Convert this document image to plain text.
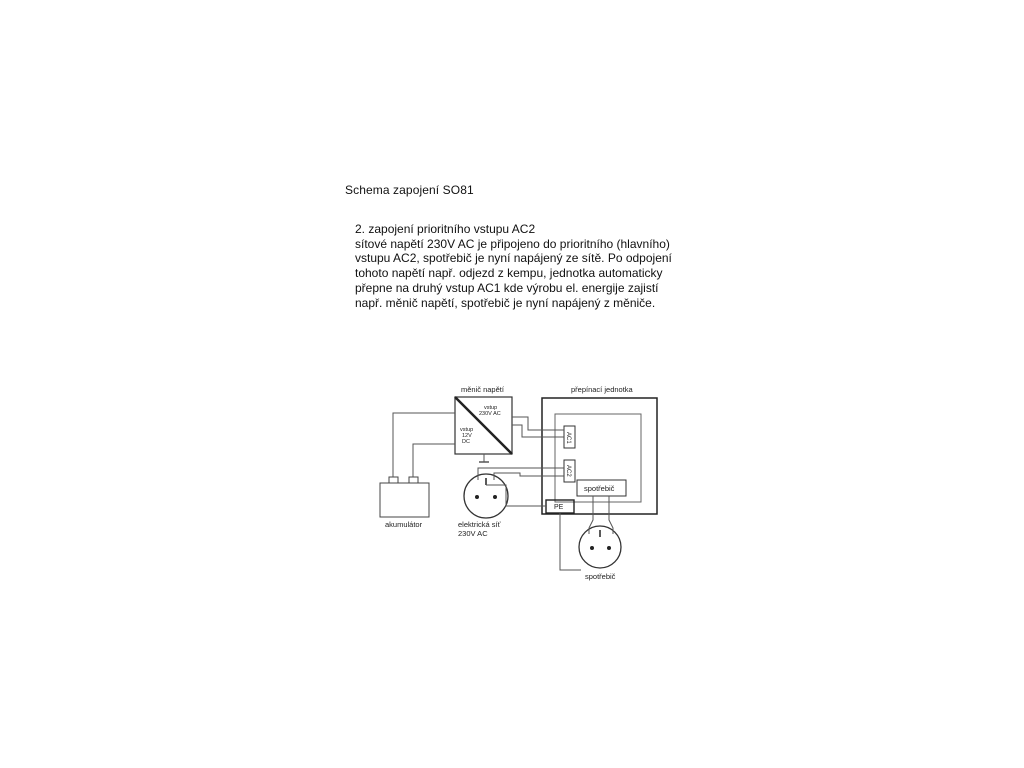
Schema zapojení SO81
2. zapojení prioritního vstupu AC2
sítové napětí 230V AC je připojeno do prioritního (hlavního)
vstupu AC2, spotřebič je nyní napájený ze sítě. Po odpojení
tohoto napětí např. odjezd z kempu, jednotka automaticky
přepne na druhý vstup AC1 kde výrobu el. energije zajistí
např. měnič napětí, spotřebič je nyní napájený z měniče.
měnič napětí
vstup
230V AC
vstup
12V
DC
přepínací jednotka
AC1
AC2
spotřebič
PE
akumulátor	elektrická síť
230V AC
spotřebič
